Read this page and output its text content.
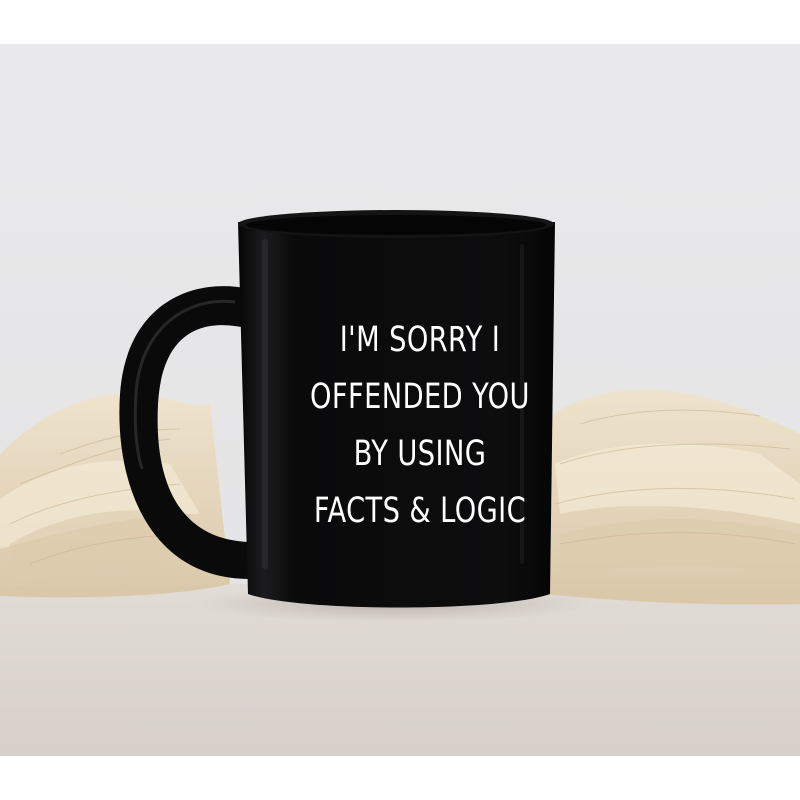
I'M SORRY I
OFFENDED YOU
BY USING
FACTS & LOGIC
